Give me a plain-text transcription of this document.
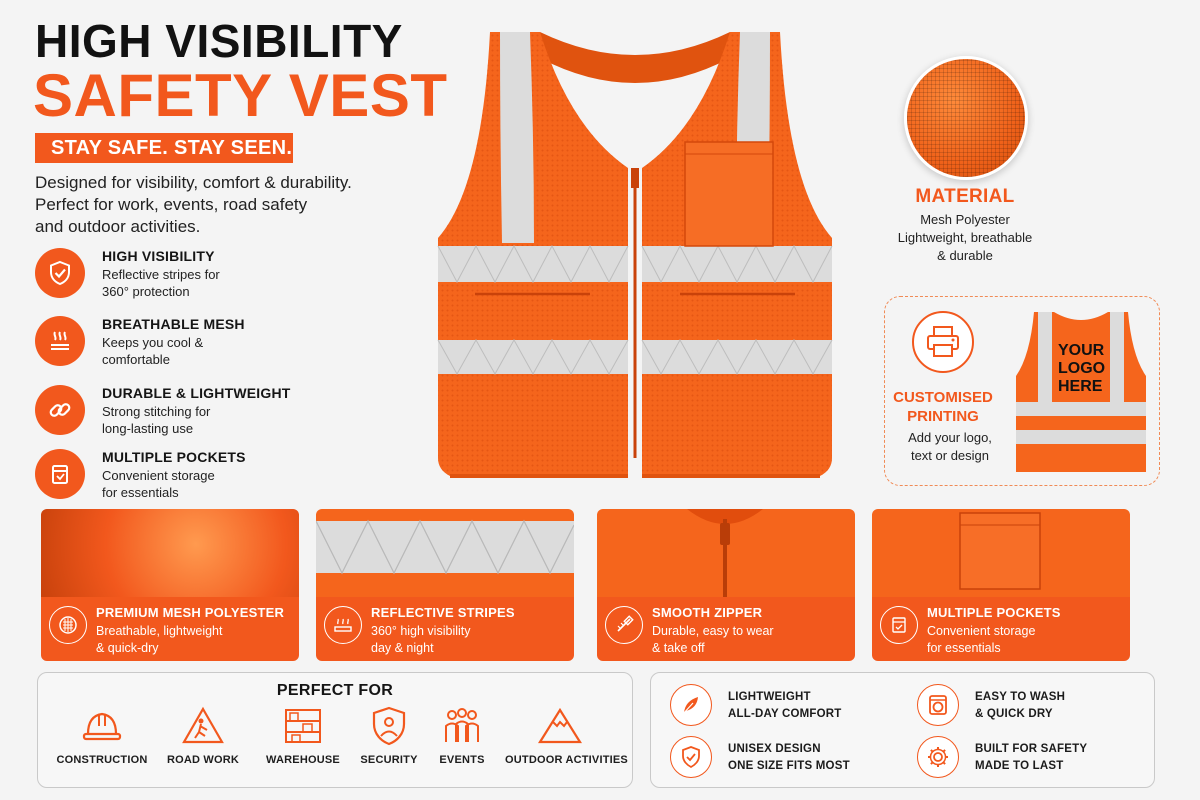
HIGH VISIBILITY
SAFETY VEST
STAY SAFE. STAY SEEN.
Designed for visibility, comfort & durability.
Perfect for work, events, road safety
and outdoor activities.
HIGH VISIBILITY
Reflective stripes for
360° protection
BREATHABLE MESH
Keeps you cool &
comfortable
DURABLE & LIGHTWEIGHT
Strong stitching for
long-lasting use
MULTIPLE POCKETS
Convenient storage
for essentials
MATERIAL
Mesh Polyester
Lightweight, breathable
& durable
CUSTOMISED
PRINTING
Add your logo,
text or design
YOUR
LOGO
HERE
PREMIUM MESH POLYESTER
Breathable, lightweight
& quick-dry
REFLECTIVE STRIPES
360° high visibility
day & night
SMOOTH ZIPPER
Durable, easy to wear
& take off
MULTIPLE POCKETS
Convenient storage
for essentials
PERFECT FOR
CONSTRUCTION	ROAD WORK	WAREHOUSE	SECURITY	EVENTS	OUTDOOR ACTIVITIES
LIGHTWEIGHT
ALL-DAY COMFORT
EASY TO WASH
& QUICK DRY
UNISEX DESIGN
ONE SIZE FITS MOST
BUILT FOR SAFETY
MADE TO LAST
